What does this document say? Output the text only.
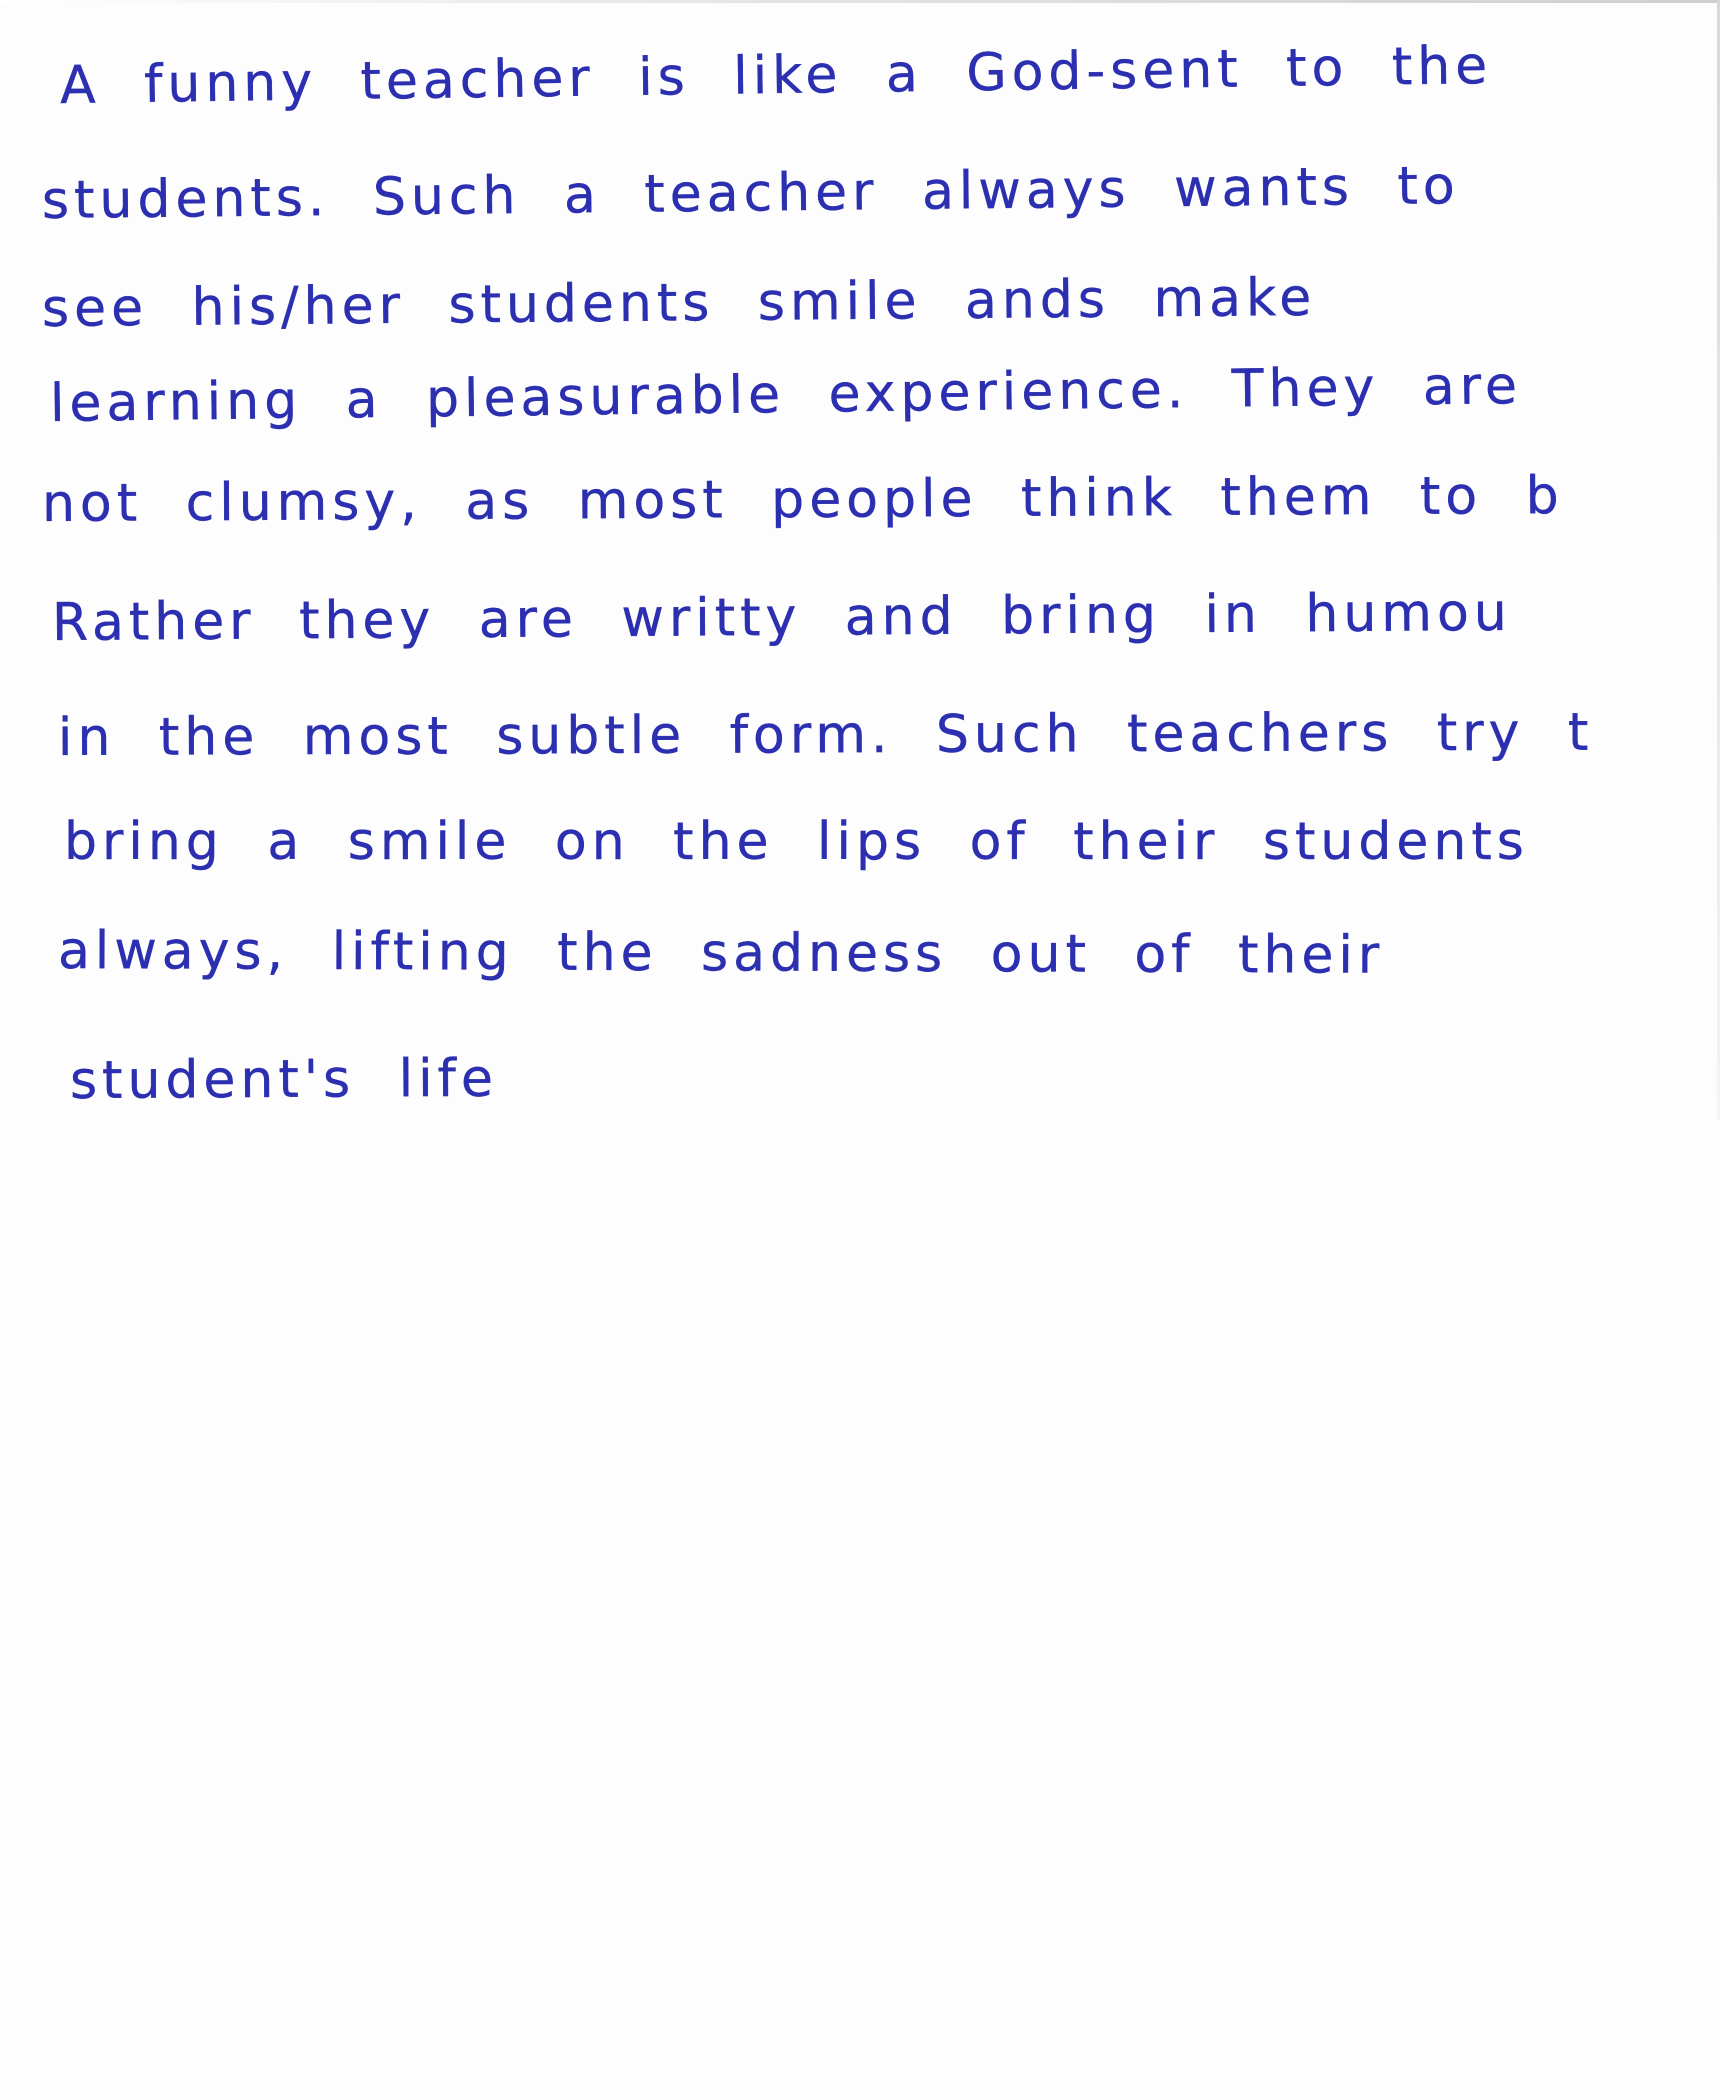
A funny teacher is like a God-sent to the
students. Such a teacher always wants to
see his/her students smile ands make
learning a pleasurable experience. They are
not clumsy, as most people think them to b
Rather they are writty and bring in humou
in the most subtle form. Such teachers try t
bring a smile on the lips of their students
always, lifting the sadness out of their
student's life
